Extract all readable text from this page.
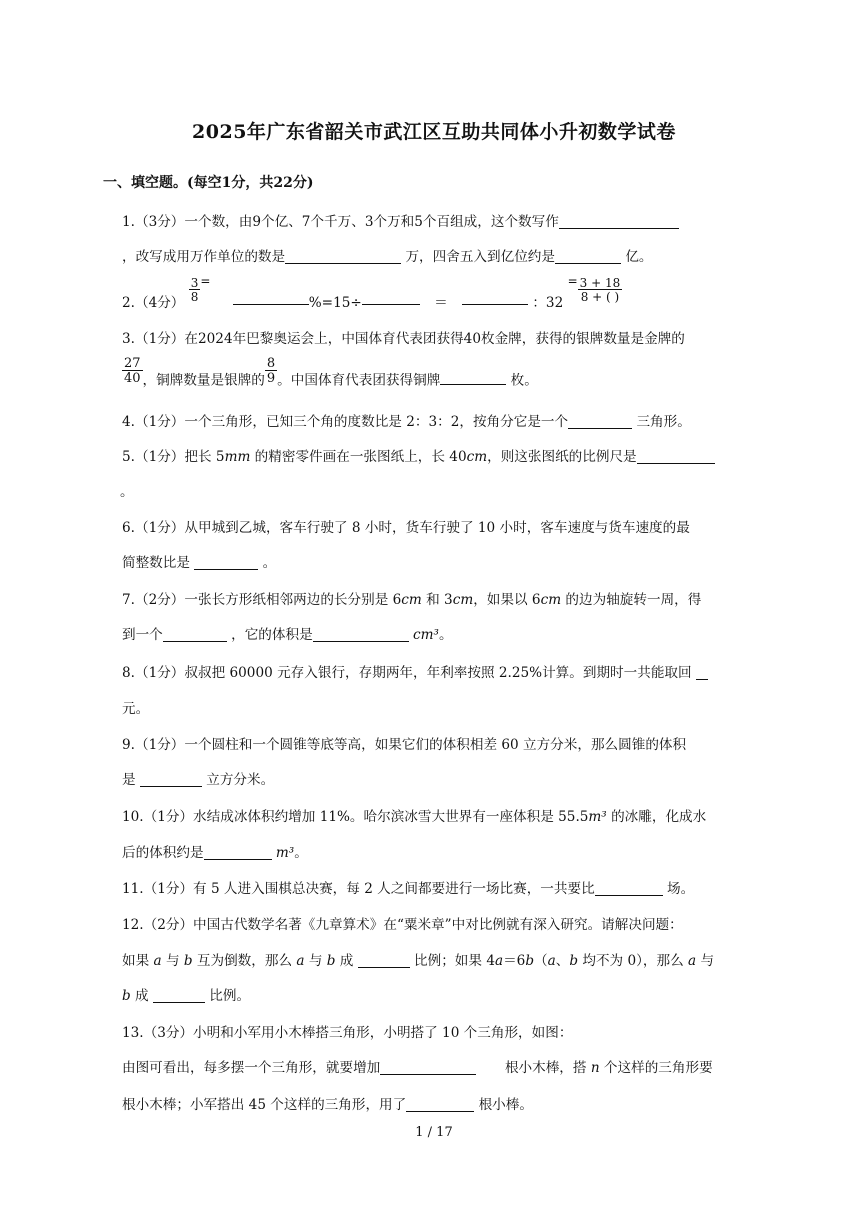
2025年广东省韶关市武江区互助共同体小升初数学试卷
一、填空题。(每空1分，共22分)
1.（3分）一个数，由9个亿、7个千万、3个万和5个百组成，这个数写作
，改写成用万作单位的数是	万，四舍五入到亿位约是	亿。
2.（4分）
$\frac{3}{8} = \%=15\div$	＝	：$32 = \frac{3 + 18}{8 + ( )}$
3.（1分）在2024年巴黎奥运会上，中国体育代表团获得40枚金牌，获得的银牌数量是金牌的
$\frac{27}{40}$ ，铜牌数量是银牌的 $\frac{8}{9}$ 。中国体育代表团获得铜牌	枚。
4.（1分）一个三角形，已知三个角的度数比是 2：3：2，按角分它是一个	三角形。
5.（1分）把长 5mm 的精密零件画在一张图纸上，长 40cm，则这张图纸的比例尺是
。
6.（1分）从甲城到乙城，客车行驶了 8 小时，货车行驶了 10 小时，客车速度与货车速度的最
简整数比是	。
7.（2分）一张长方形纸相邻两边的长分别是 6cm 和 3cm，如果以 6cm 的边为轴旋转一周，得
到一个	，它的体积是	cm³。
8.（1分）叔叔把 60000 元存入银行，存期两年，年利率按照 2.25%计算。到期时一共能取回
元。
9.（1分）一个圆柱和一个圆锥等底等高，如果它们的体积相差 60 立方分米，那么圆锥的体积
是	立方分米。
10.（1分）水结成冰体积约增加 11%。哈尔滨冰雪大世界有一座体积是 55.5m³ 的冰雕，化成水
后的体积约是	m³。
11.（1分）有 5 人进入围棋总决赛，每 2 人之间都要进行一场比赛，一共要比	场。
12.（2分）中国古代数学名著《九章算术》在“粟米章”中对比例就有深入研究。请解决问题：
如果 a 与 b 互为倒数，那么 a 与 b 成	比例；如果 4a＝6b（a、b 均不为 0），那么 a 与
b 成	比例。
13.（3分）小明和小军用小木棒搭三角形，小明搭了 10 个三角形，如图：
由图可看出，每多摆一个三角形，就要增加	根小木棒，搭 n 个这样的三角形要
根小木棒；小军搭出 45 个这样的三角形，用了	根小棒。
1 / 17
